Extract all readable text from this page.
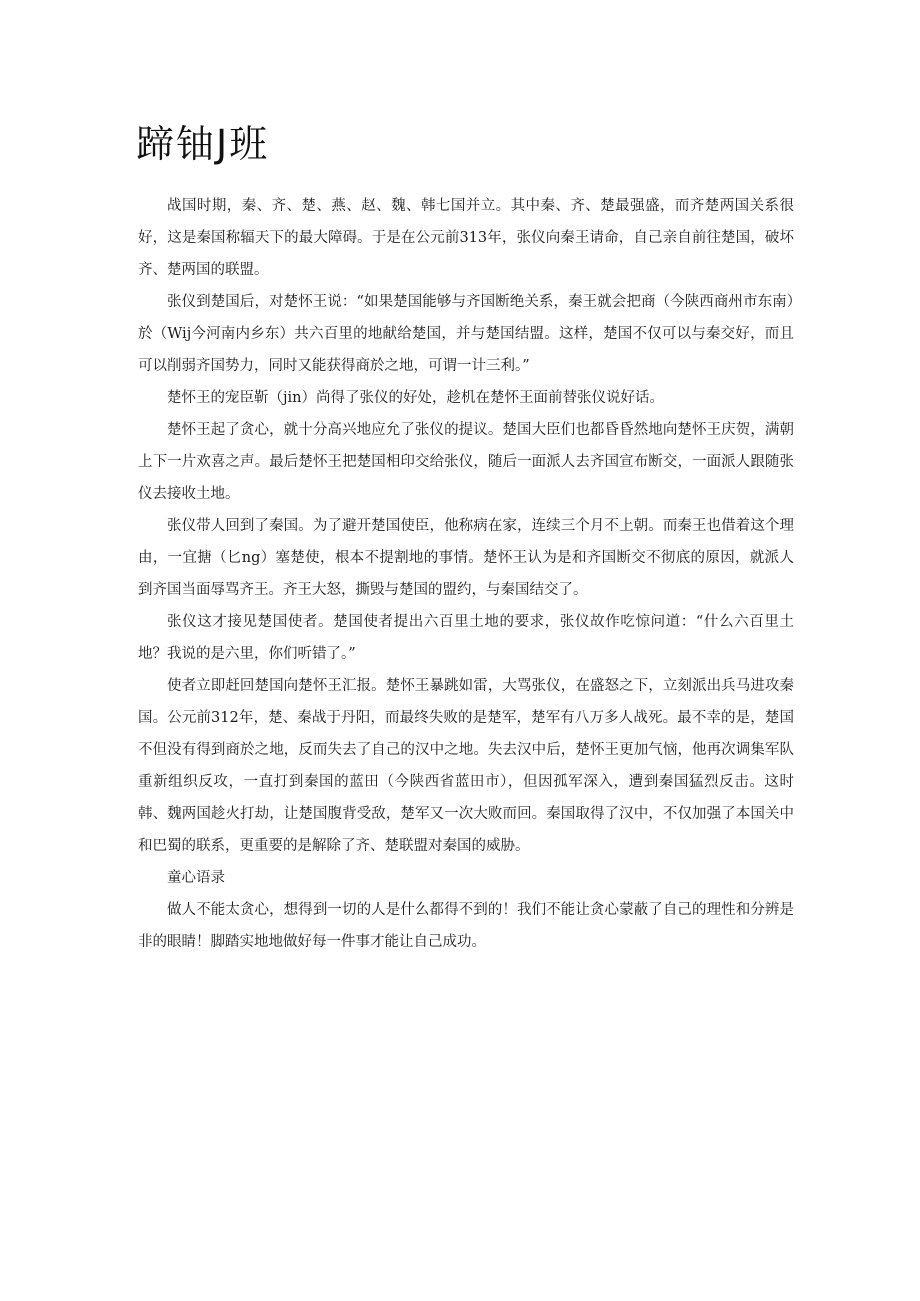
蹄铀J班

战国时期，秦、齐、楚、燕、赵、魏、韩七国并立。其中秦、齐、楚最强盛，而齐楚两国关系很好，这是秦国称辐天下的最大障碍。于是在公元前313年，张仪向秦王请命，自己亲自前往楚国，破坏齐、楚两国的联盟。

张仪到楚国后，对楚怀王说：“如果楚国能够与齐国断绝关系，秦王就会把商（今陕西商州市东南）於（Wij今河南内乡东）共六百里的地献给楚国，并与楚国结盟。这样，楚国不仅可以与秦交好，而且可以削弱齐国势力，同时又能获得商於之地，可谓一计三利。”

楚怀王的宠臣靳（jin）尚得了张仪的好处，趁机在楚怀王面前替张仪说好话。

楚怀王起了贪心，就十分高兴地应允了张仪的提议。楚国大臣们也都昏昏然地向楚怀王庆贺，满朝上下一片欢喜之声。最后楚怀王把楚国相印交给张仪，随后一面派人去齐国宣布断交，一面派人跟随张仪去接收土地。

张仪带人回到了秦国。为了避开楚国使臣，他称病在家，连续三个月不上朝。而秦王也借着这个理由，一宜搪（匕ng）塞楚使，根本不提割地的事情。楚怀王认为是和齐国断交不彻底的原因，就派人到齐国当面辱骂齐王。齐王大怒，撕毁与楚国的盟约，与秦国结交了。

张仪这才接见楚国使者。楚国使者提出六百里土地的要求，张仪故作吃惊问道：“什么六百里土地？我说的是六里，你们听错了。”

使者立即赶回楚国向楚怀王汇报。楚怀王暴跳如雷，大骂张仪，在盛怒之下，立刻派出兵马进攻秦国。公元前312年，楚、秦战于丹阳，而最终失败的是楚军，楚军有八万多人战死。最不幸的是，楚国不但没有得到商於之地，反而失去了自己的汉中之地。失去汉中后，楚怀王更加气恼，他再次调集军队重新组织反攻，一直打到秦国的蓝田（今陕西省蓝田市），但因孤军深入，遭到秦国猛烈反击。这时韩、魏两国趁火打劫，让楚国腹背受敌，楚军又一次大败而回。秦国取得了汉中，不仅加强了本国关中和巴蜀的联系，更重要的是解除了齐、楚联盟对秦国的威胁。

童心语录

做人不能太贪心，想得到一切的人是什么都得不到的！我们不能让贪心蒙蔽了自己的理性和分辨是非的眼睛！脚踏实地地做好每一件事才能让自己成功。
